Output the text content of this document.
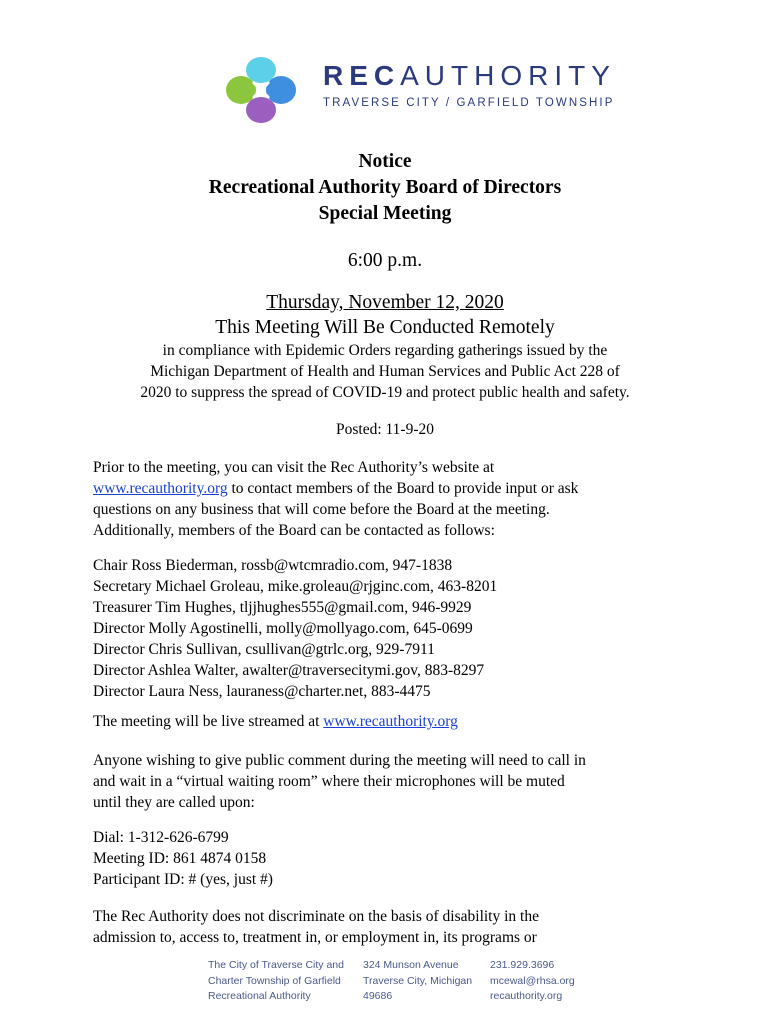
RECAUTHORITY
TRAVERSE CITY / GARFIELD TOWNSHIP
Notice
Recreational Authority Board of Directors
Special Meeting
6:00 p.m.
Thursday, November 12, 2020
This Meeting Will Be Conducted Remotely
in compliance with Epidemic Orders regarding gatherings issued by the
Michigan Department of Health and Human Services and Public Act 228 of
2020 to suppress the spread of COVID-19 and protect public health and safety.
Posted: 11-9-20
Prior to the meeting, you can visit the Rec Authority’s website at
www.recauthority.org to contact members of the Board to provide input or ask
questions on any business that will come before the Board at the meeting.
Additionally, members of the Board can be contacted as follows:
Chair Ross Biederman, rossb@wtcmradio.com, 947-1838
Secretary Michael Groleau, mike.groleau@rjginc.com, 463-8201
Treasurer Tim Hughes, tljjhughes555@gmail.com, 946-9929
Director Molly Agostinelli, molly@mollyago.com, 645-0699
Director Chris Sullivan, csullivan@gtrlc.org, 929-7911
Director Ashlea Walter, awalter@traversecitymi.gov, 883-8297
Director Laura Ness, lauraness@charter.net, 883-4475
The meeting will be live streamed at www.recauthority.org
Anyone wishing to give public comment during the meeting will need to call in
and wait in a “virtual waiting room” where their microphones will be muted
until they are called upon:
Dial: 1-312-626-6799
Meeting ID: 861 4874 0158
Participant ID: # (yes, just #)
The Rec Authority does not discriminate on the basis of disability in the
admission to, access to, treatment in, or employment in, its programs or
The City of Traverse City and
Charter Township of Garfield
Recreational Authority
324 Munson Avenue
Traverse City, Michigan
49686
231.929.3696
mcewal@rhsa.org
recauthority.org
